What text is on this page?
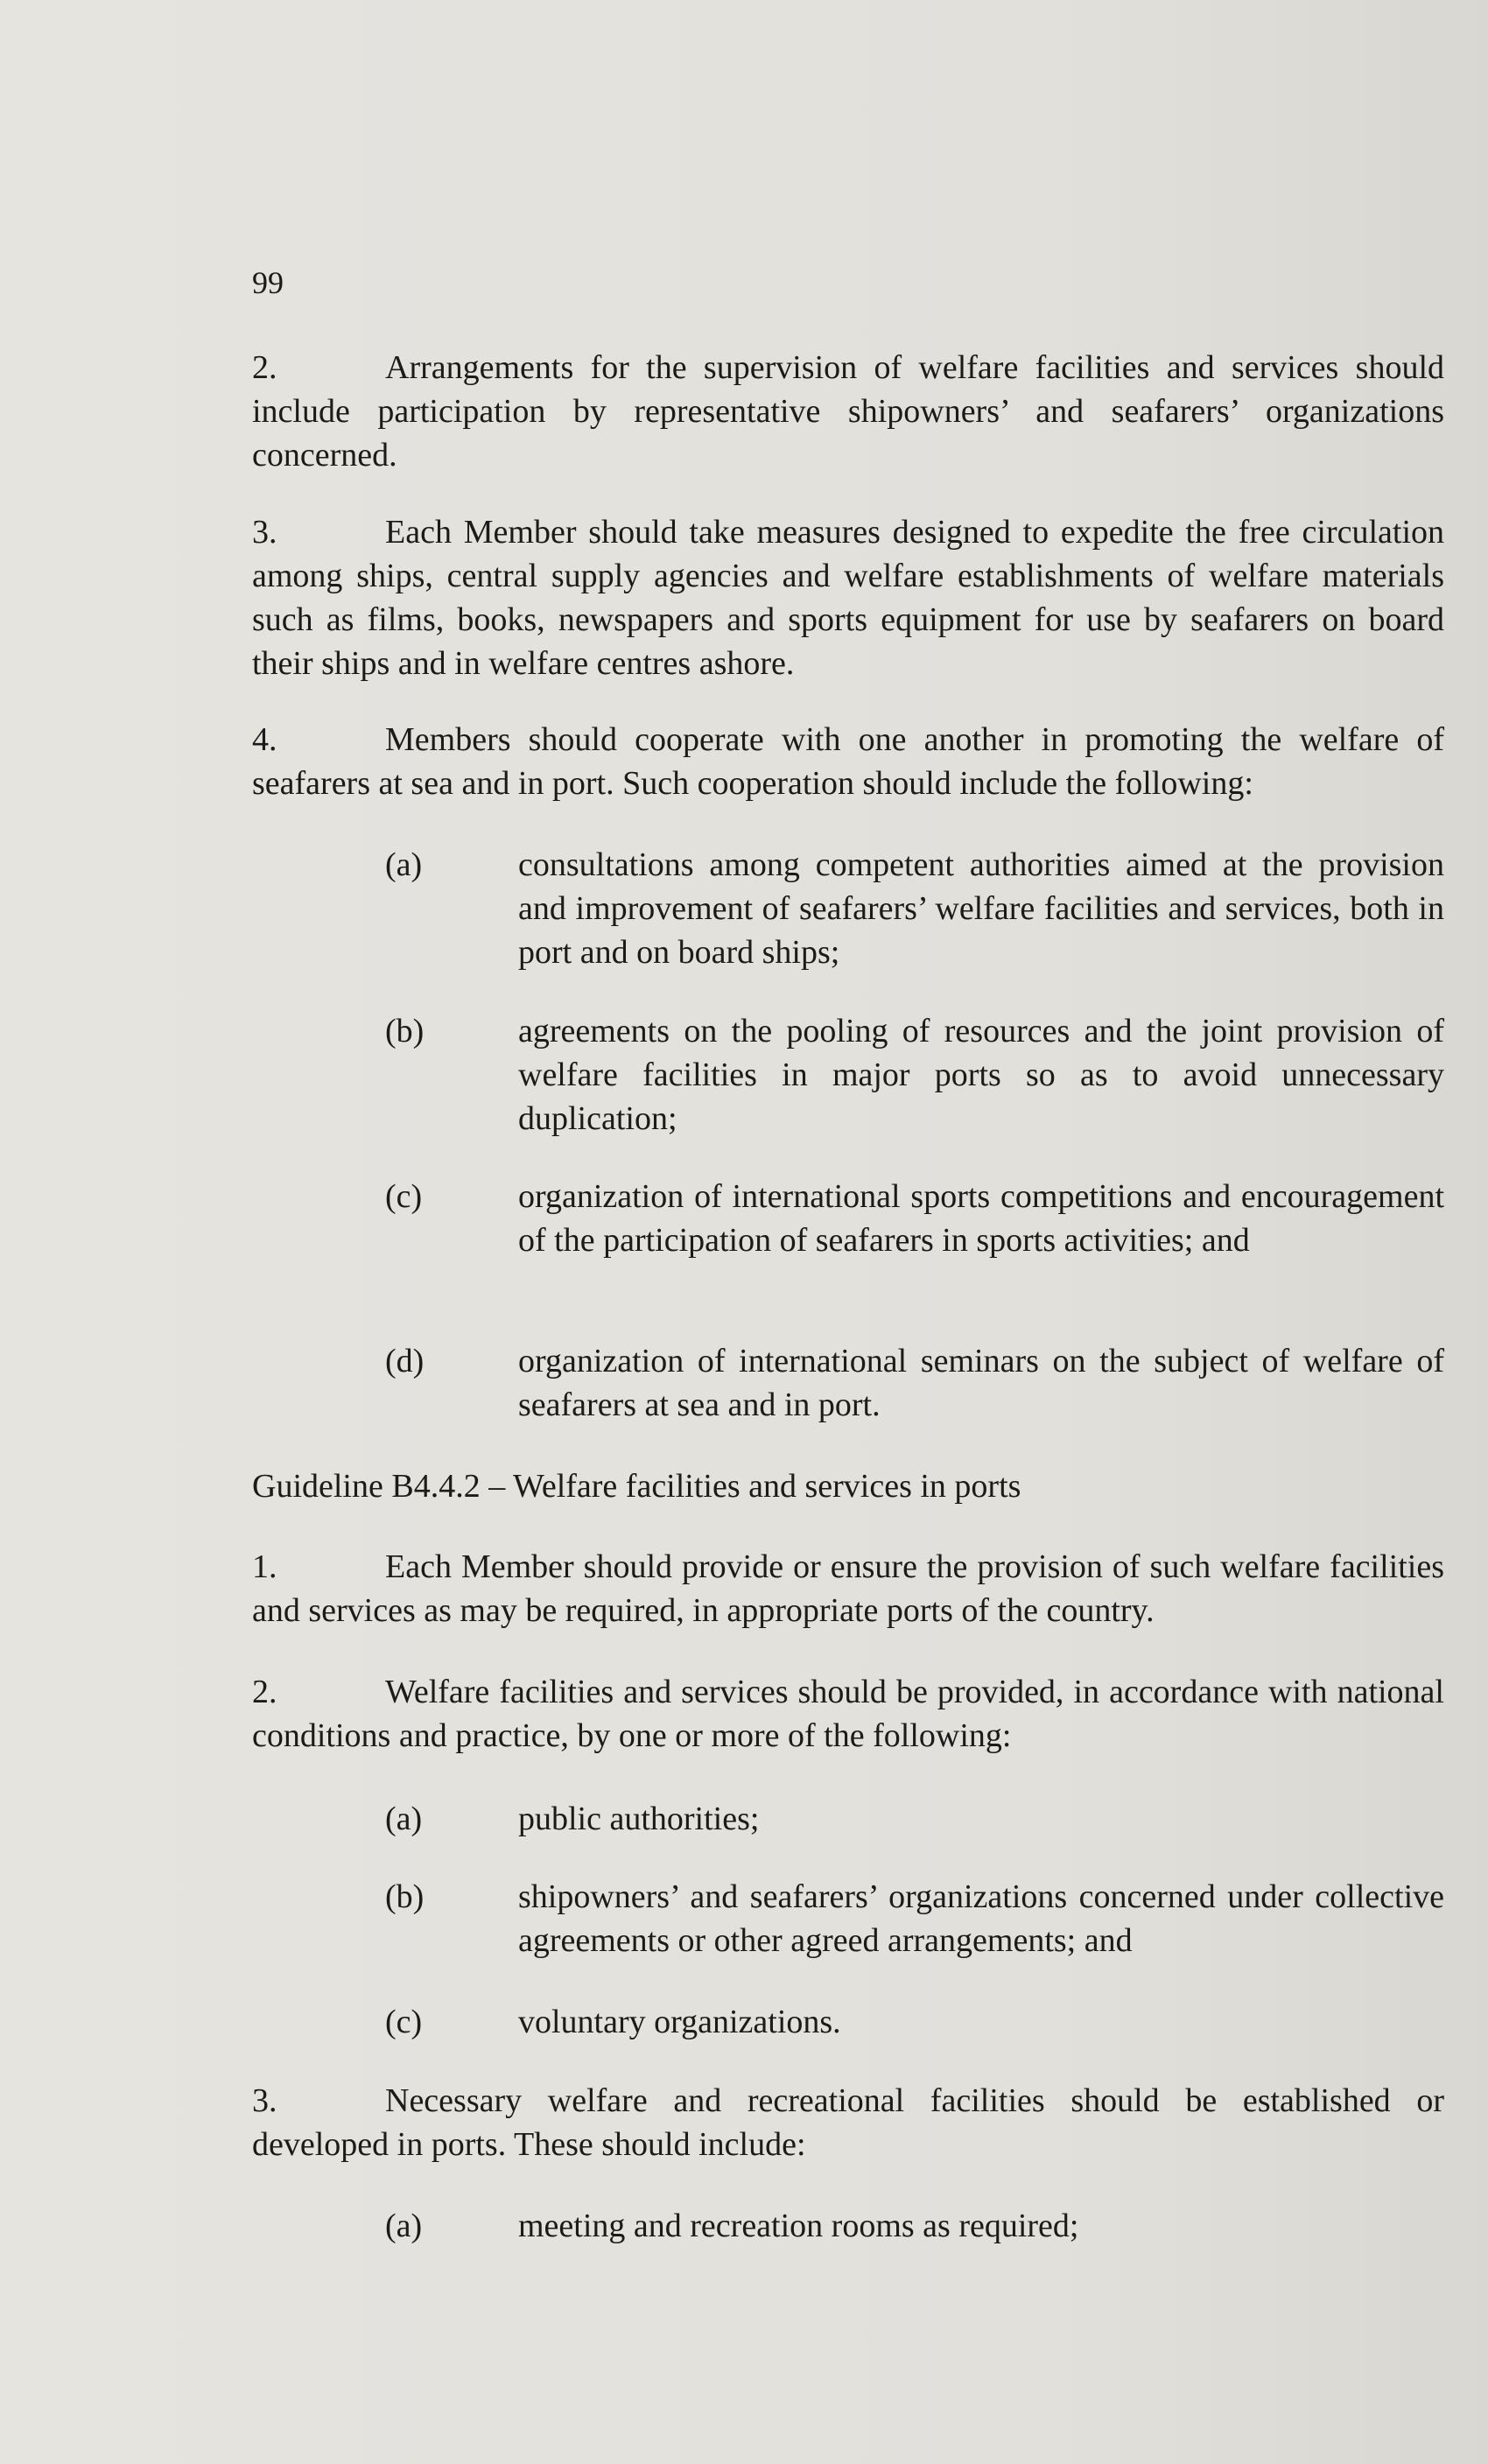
99
2.	Arrangements for the supervision of welfare facilities and services should include participation by representative shipowners’ and seafarers’ organizations concerned.
3.	Each Member should take measures designed to expedite the free circulation among ships, central supply agencies and welfare establishments of welfare materials such as films, books, newspapers and sports equipment for use by seafarers on board their ships and in welfare centres ashore.
4.	Members should cooperate with one another in promoting the welfare of seafarers at sea and in port. Such cooperation should include the following:
(a)	consultations among competent authorities aimed at the provision and improvement of seafarers’ welfare facilities and services, both in port and on board ships;
(b)	agreements on the pooling of resources and the joint provision of welfare facilities in major ports so as to avoid unnecessary duplication;
(c)	organization of international sports competitions and encouragement of the participation of seafarers in sports activities; and
(d)	organization of international seminars on the subject of welfare of seafarers at sea and in port.
Guideline B4.4.2 – Welfare facilities and services in ports
1.	Each Member should provide or ensure the provision of such welfare facilities and services as may be required, in appropriate ports of the country.
2.	Welfare facilities and services should be provided, in accordance with national conditions and practice, by one or more of the following:
(a)	public authorities;
(b)	shipowners’ and seafarers’ organizations concerned under collective agreements or other agreed arrangements; and
(c)	voluntary organizations.
3.	Necessary welfare and recreational facilities should be established or developed in ports. These should include:
(a)	meeting and recreation rooms as required;
